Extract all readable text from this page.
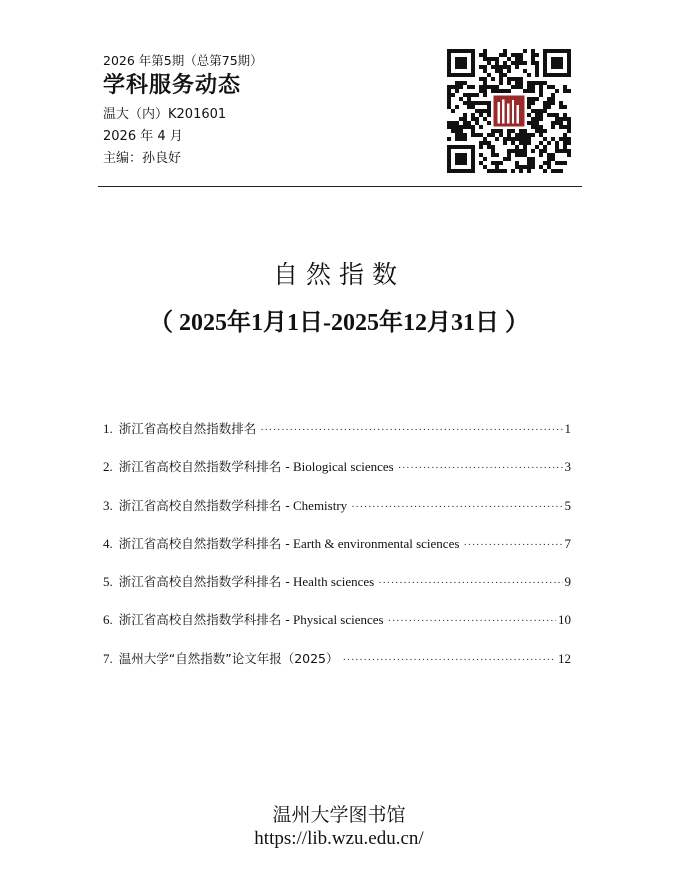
2026 年第5期（总第75期）

学科服务动态

温大（内）K201601

2026 年 4 月

主编：孙良好

自然指数
（ 2025年1月1日-2025年12月31日 ）
1. 浙江省高校自然指数排名 ·····	1
2. 浙江省高校自然指数学科排名 - Biological sciences ·····	3
3. 浙江省高校自然指数学科排名 - Chemistry ·····	5
4. 浙江省高校自然指数学科排名 - Earth & environmental sciences ·····	7
5. 浙江省高校自然指数学科排名 - Health sciences ·····	9
6. 浙江省高校自然指数学科排名 - Physical sciences ·····	10
7. 温州大学“自然指数”论文年报（2025） ·····	12
温州大学图书馆
https://lib.wzu.edu.cn/
